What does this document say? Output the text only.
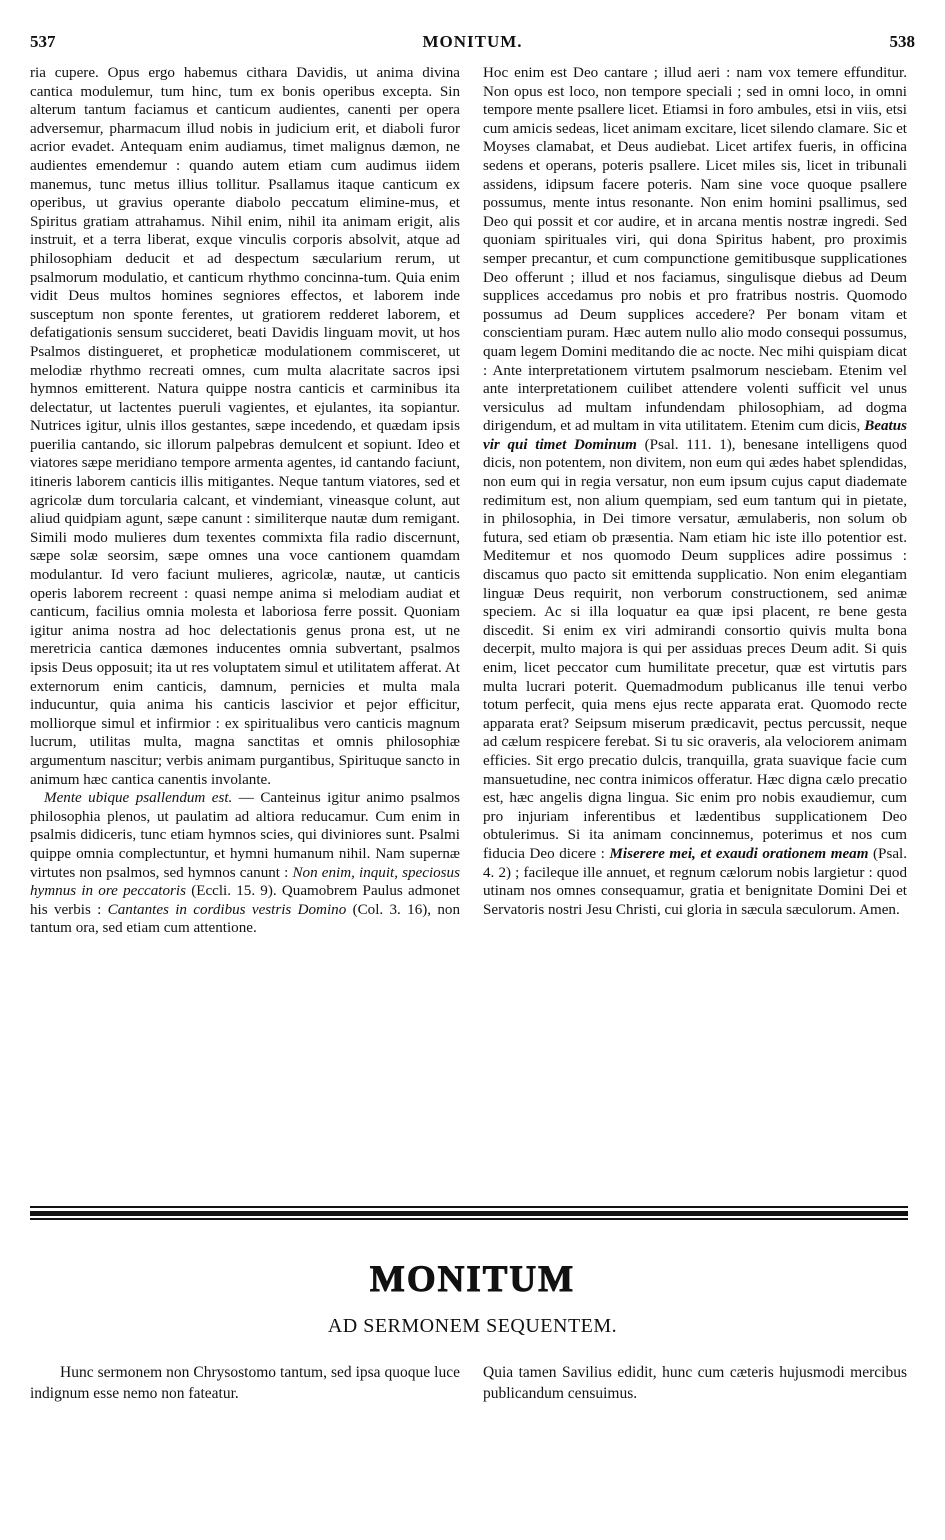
537	MONITUM.	538

ria cupere. Opus ergo habemus cithara Davidis, ut anima divina cantica modulemur, tum hinc, tum ex bonis operibus excepta. Sin alterum tantum faciamus et canticum audientes, canenti per opera adversemur, pharmacum illud nobis in judicium erit, et diaboli furor acrior evadet. Antequam enim audiamus, timet malignus dæmon, ne audientes emendemur : quando autem etiam cum audimus iidem manemus, tunc metus illius tollitur. Psallamus itaque canticum ex operibus, ut gravius operante diabolo peccatum elimine-mus, et Spiritus gratiam attrahamus. Nihil enim, nihil ita animam erigit, alis instruit, et a terra liberat, exque vinculis corporis absolvit, atque ad philosophiam deducit et ad despectum sæcularium rerum, ut psalmorum modulatio, et canticum rhythmo concinna-tum. Quia enim vidit Deus multos homines segniores effectos, et laborem inde susceptum non sponte ferentes, ut gratiorem redderet laborem, et defatigationis sensum succideret, beati Davidis linguam movit, ut hos Psalmos distingueret, et propheticæ modulationem commisceret, ut melodiæ rhythmo recreati omnes, cum multa alacritate sacros ipsi hymnos emitterent. Natura quippe nostra canticis et carminibus ita delectatur, ut lactentes pueruli vagientes, et ejulantes, ita sopiantur. Nutrices igitur, ulnis illos gestantes, sæpe incedendo, et quædam ipsis puerilia cantando, sic illorum palpebras demulcent et sopiunt. Ideo et viatores sæpe meridiano tempore armenta agentes, id cantando faciunt, itineris laborem canticis illis mitigantes. Neque tantum viatores, sed et agricolæ dum torcularia calcant, et vindemiant, vineasque colunt, aut aliud quidpiam agunt, sæpe canunt : similiterque nautæ dum remigant. Simili modo mulieres dum texentes commixta fila radio discernunt, sæpe solæ seorsim, sæpe omnes una voce cantionem quamdam modulantur. Id vero faciunt mulieres, agricolæ, nautæ, ut canticis operis laborem recreent : quasi nempe anima si melodiam audiat et canticum, facilius omnia molesta et laboriosa ferre possit. Quoniam igitur anima nostra ad hoc delectationis genus prona est, ut ne meretricia cantica dæmones inducentes omnia subvertant, psalmos ipsis Deus opposuit; ita ut res voluptatem simul et utilitatem afferat. At externorum enim canticis, damnum, pernicies et multa mala inducuntur, quia anima his canticis lascivior et pejor efficitur, molliorque simul et infirmior : ex spiritualibus vero canticis magnum lucrum, utilitas multa, magna sanctitas et omnis philosophiæ argumentum nascitur; verbis animam purgantibus, Spirituque sancto in animum hæc cantica canentis involante.

Mente ubique psallendum est. — Canteinus igitur animo psalmos philosophia plenos, ut paulatim ad altiora reducamur. Cum enim in psalmis didiceris, tunc etiam hymnos scies, qui diviniores sunt. Psalmi quippe omnia complectuntur, et hymni humanum nihil. Nam supernæ virtutes non psalmos, sed hymnos canunt : Non enim, inquit, speciosus hymnus in ore peccatoris (Eccli. 15. 9). Quamobrem Paulus admonet his verbis : Cantantes in cordibus vestris Domino (Col. 3. 16), non tantum ora, sed etiam cum attentione.

Hoc enim est Deo cantare ; illud aeri : nam vox temere effunditur. Non opus est loco, non tempore speciali ; sed in omni loco, in omni tempore mente psallere licet. Etiamsi in foro ambules, etsi in viis, etsi cum amicis sedeas, licet animam excitare, licet silendo clamare. Sic et Moyses clamabat, et Deus audiebat. Licet artifex fueris, in officina sedens et operans, poteris psallere. Licet miles sis, licet in tribunali assidens, idipsum facere poteris. Nam sine voce quoque psallere possumus, mente intus resonante. Non enim homini psallimus, sed Deo qui possit et cor audire, et in arcana mentis nostræ ingredi. Sed quoniam spirituales viri, qui dona Spiritus habent, pro proximis semper precantur, et cum compunctione gemitibusque supplicationes Deo offerunt ; illud et nos faciamus, singulisque diebus ad Deum supplices accedamus pro nobis et pro fratribus nostris. Quomodo possumus ad Deum supplices accedere? Per bonam vitam et conscientiam puram. Hæc autem nullo alio modo consequi possumus, quam legem Domini meditando die ac nocte. Nec mihi quispiam dicat : Ante interpretationem virtutem psalmorum nesciebam. Etenim vel ante interpretationem cuilibet attendere volenti sufficit vel unus versiculus ad multam infundendam philosophiam, ad dogma dirigendum, et ad multam in vita utilitatem. Etenim cum dicis, Beatus vir qui timet Dominum (Psal. 111. 1), benesane intelligens quod dicis, non potentem, non divitem, non eum qui ædes habet splendidas, non eum qui in regia versatur, non eum ipsum cujus caput diademate redimitum est, non alium quempiam, sed eum tantum qui in pietate, in philosophia, in Dei timore versatur, æmulaberis, non solum ob futura, sed etiam ob præsentia. Nam etiam hic iste illo potentior est. Meditemur et nos quomodo Deum supplices adire possimus : discamus quo pacto sit emittenda supplicatio. Non enim elegantiam linguæ Deus requirit, non verborum constructionem, sed animæ speciem. Ac si illa loquatur ea quæ ipsi placent, re bene gesta discedit. Si enim ex viri admirandi consortio quivis multa bona decerpit, multo majora is qui per assiduas preces Deum adit. Si quis enim, licet peccator cum humilitate precetur, quæ est virtutis pars multa lucrari poterit. Quemadmodum publicanus ille tenui verbo totum perfecit, quia mens ejus recte apparata erat. Quomodo recte apparata erat? Seipsum miserum prædicavit, pectus percussit, neque ad cælum respicere ferebat. Si tu sic oraveris, ala velociorem animam efficies. Sit ergo precatio dulcis, tranquilla, grata suavique facie cum mansuetudine, nec contra inimicos offeratur. Hæc digna cælo precatio est, hæc angelis digna lingua. Sic enim pro nobis exaudiemur, cum pro injuriam inferentibus et lædentibus supplicationem Deo obtulerimus. Si ita animam concinnemus, poterimus et nos cum fiducia Deo dicere : Miserere mei, et exaudi orationem meam (Psal. 4. 2) ; facileque ille annuet, et regnum cælorum nobis largietur : quod utinam nos omnes consequamur, gratia et benignitate Domini Dei et Servatoris nostri Jesu Christi, cui gloria in sæcula sæculorum. Amen.

MONITUM
AD SERMONEM SEQUENTEM.
Hunc sermonem non Chrysostomo tantum, sed ipsa quoque luce indignum esse nemo non fateatur.
Quia tamen Savilius edidit, hunc cum cæteris hujusmodi mercibus publicandum censuimus.
